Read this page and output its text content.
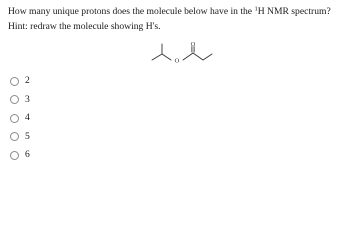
How many unique protons does the molecule below have in the $^1$H NMR spectrum? Hint: redraw the molecule showing H's.
O
O
2
3
4
5
6
